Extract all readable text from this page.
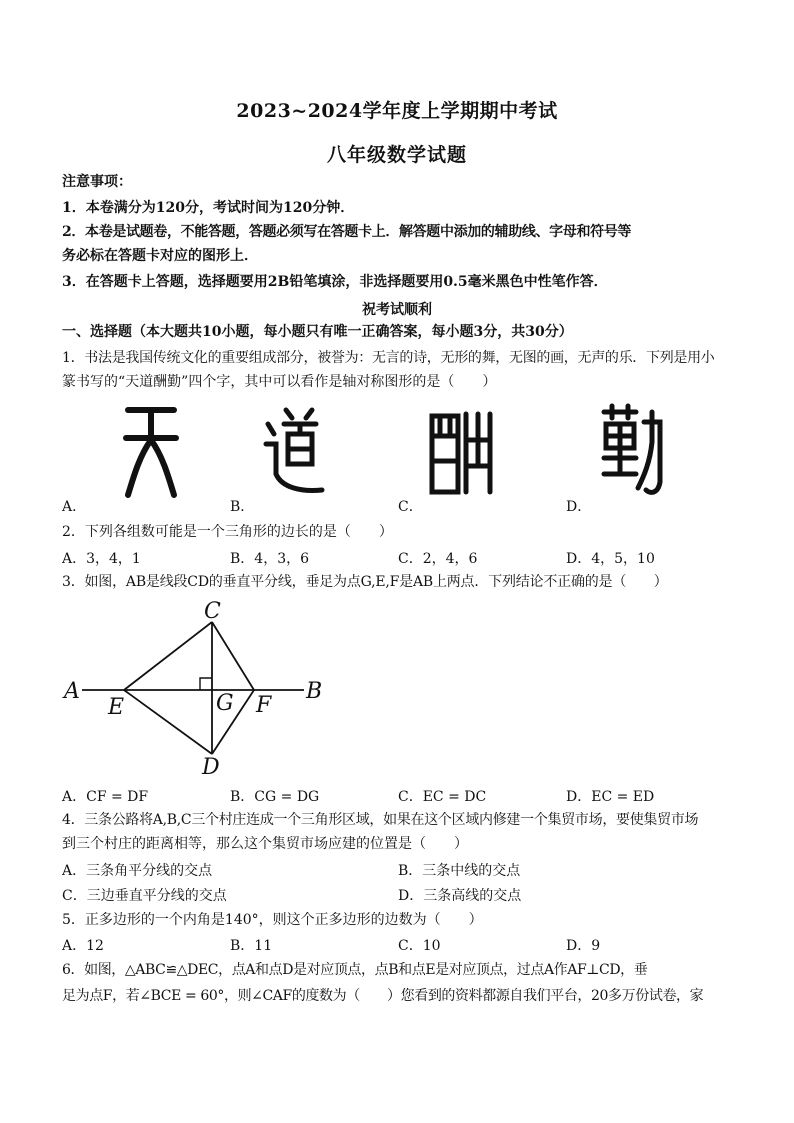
2023~2024学年度上学期期中考试
八年级数学试题
注意事项：
1．本卷满分为120分，考试时间为120分钟．
2．本卷是试题卷，不能答题，答题必须写在答题卡上．解答题中添加的辅助线、字母和符号等
务必标在答题卡对应的图形上．
3．在答题卡上答题，选择题要用2B铅笔填涂，非选择题要用0.5毫米黑色中性笔作答．
祝考试顺利
一、选择题（本大题共10小题，每小题只有唯一正确答案，每小题3分，共30分）
1．书法是我国传统文化的重要组成部分，被誉为：无言的诗，无形的舞，无图的画，无声的乐．下列是用小
篆书写的“天道酬勤”四个字，其中可以看作是轴对称图形的是（　　）
A．	B．	C．	D．
2．下列各组数可能是一个三角形的边长的是（　　）
A．3，4，1	B．4，3，6	C．2，4，6	D．4，5，10
3．如图，AB是线段CD的垂直平分线，垂足为点G,E,F是AB上两点．下列结论不正确的是（　　）
A	B
C
D
E	F
G
A．CF = DF	B．CG = DG	C．EC = DC	D．EC = ED
4．三条公路将A,B,C三个村庄连成一个三角形区域，如果在这个区域内修建一个集贸市场，要使集贸市场
到三个村庄的距离相等，那么这个集贸市场应建的位置是（　　）
A．三条角平分线的交点	B．三条中线的交点
C．三边垂直平分线的交点	D．三条高线的交点
5．正多边形的一个内角是140°，则这个正多边形的边数为（　　）
A．12	B．11	C．10	D．9
6．如图，△ABC≌△DEC，点A和点D是对应顶点，点B和点E是对应顶点，过点A作AF⊥CD，垂
足为点F，若∠BCE = 60°，则∠CAF的度数为（　　）您看到的资料都源自我们平台，20多万份试卷，家
